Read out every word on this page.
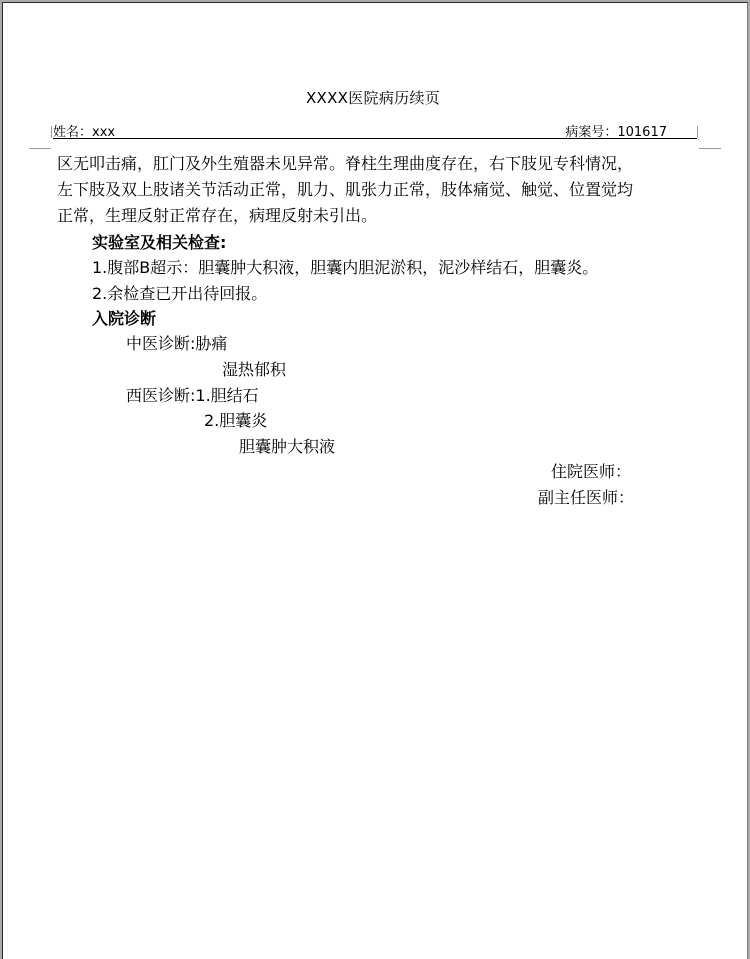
XXXX医院病历续页
姓名：xxx	病案号：101617
区无叩击痛，肛门及外生殖器未见异常。脊柱生理曲度存在，右下肢见专科情况，
左下肢及双上肢诸关节活动正常，肌力、肌张力正常，肢体痛觉、触觉、位置觉均
正常，生理反射正常存在，病理反射未引出。
实验室及相关检查:
1.腹部B超示：胆囊肿大积液，胆囊内胆泥淤积，泥沙样结石，胆囊炎。
2.余检查已开出待回报。
入院诊断
中医诊断:胁痛
湿热郁积
西医诊断:1.胆结石
2.胆囊炎
胆囊肿大积液
住院医师：
副主任医师：
